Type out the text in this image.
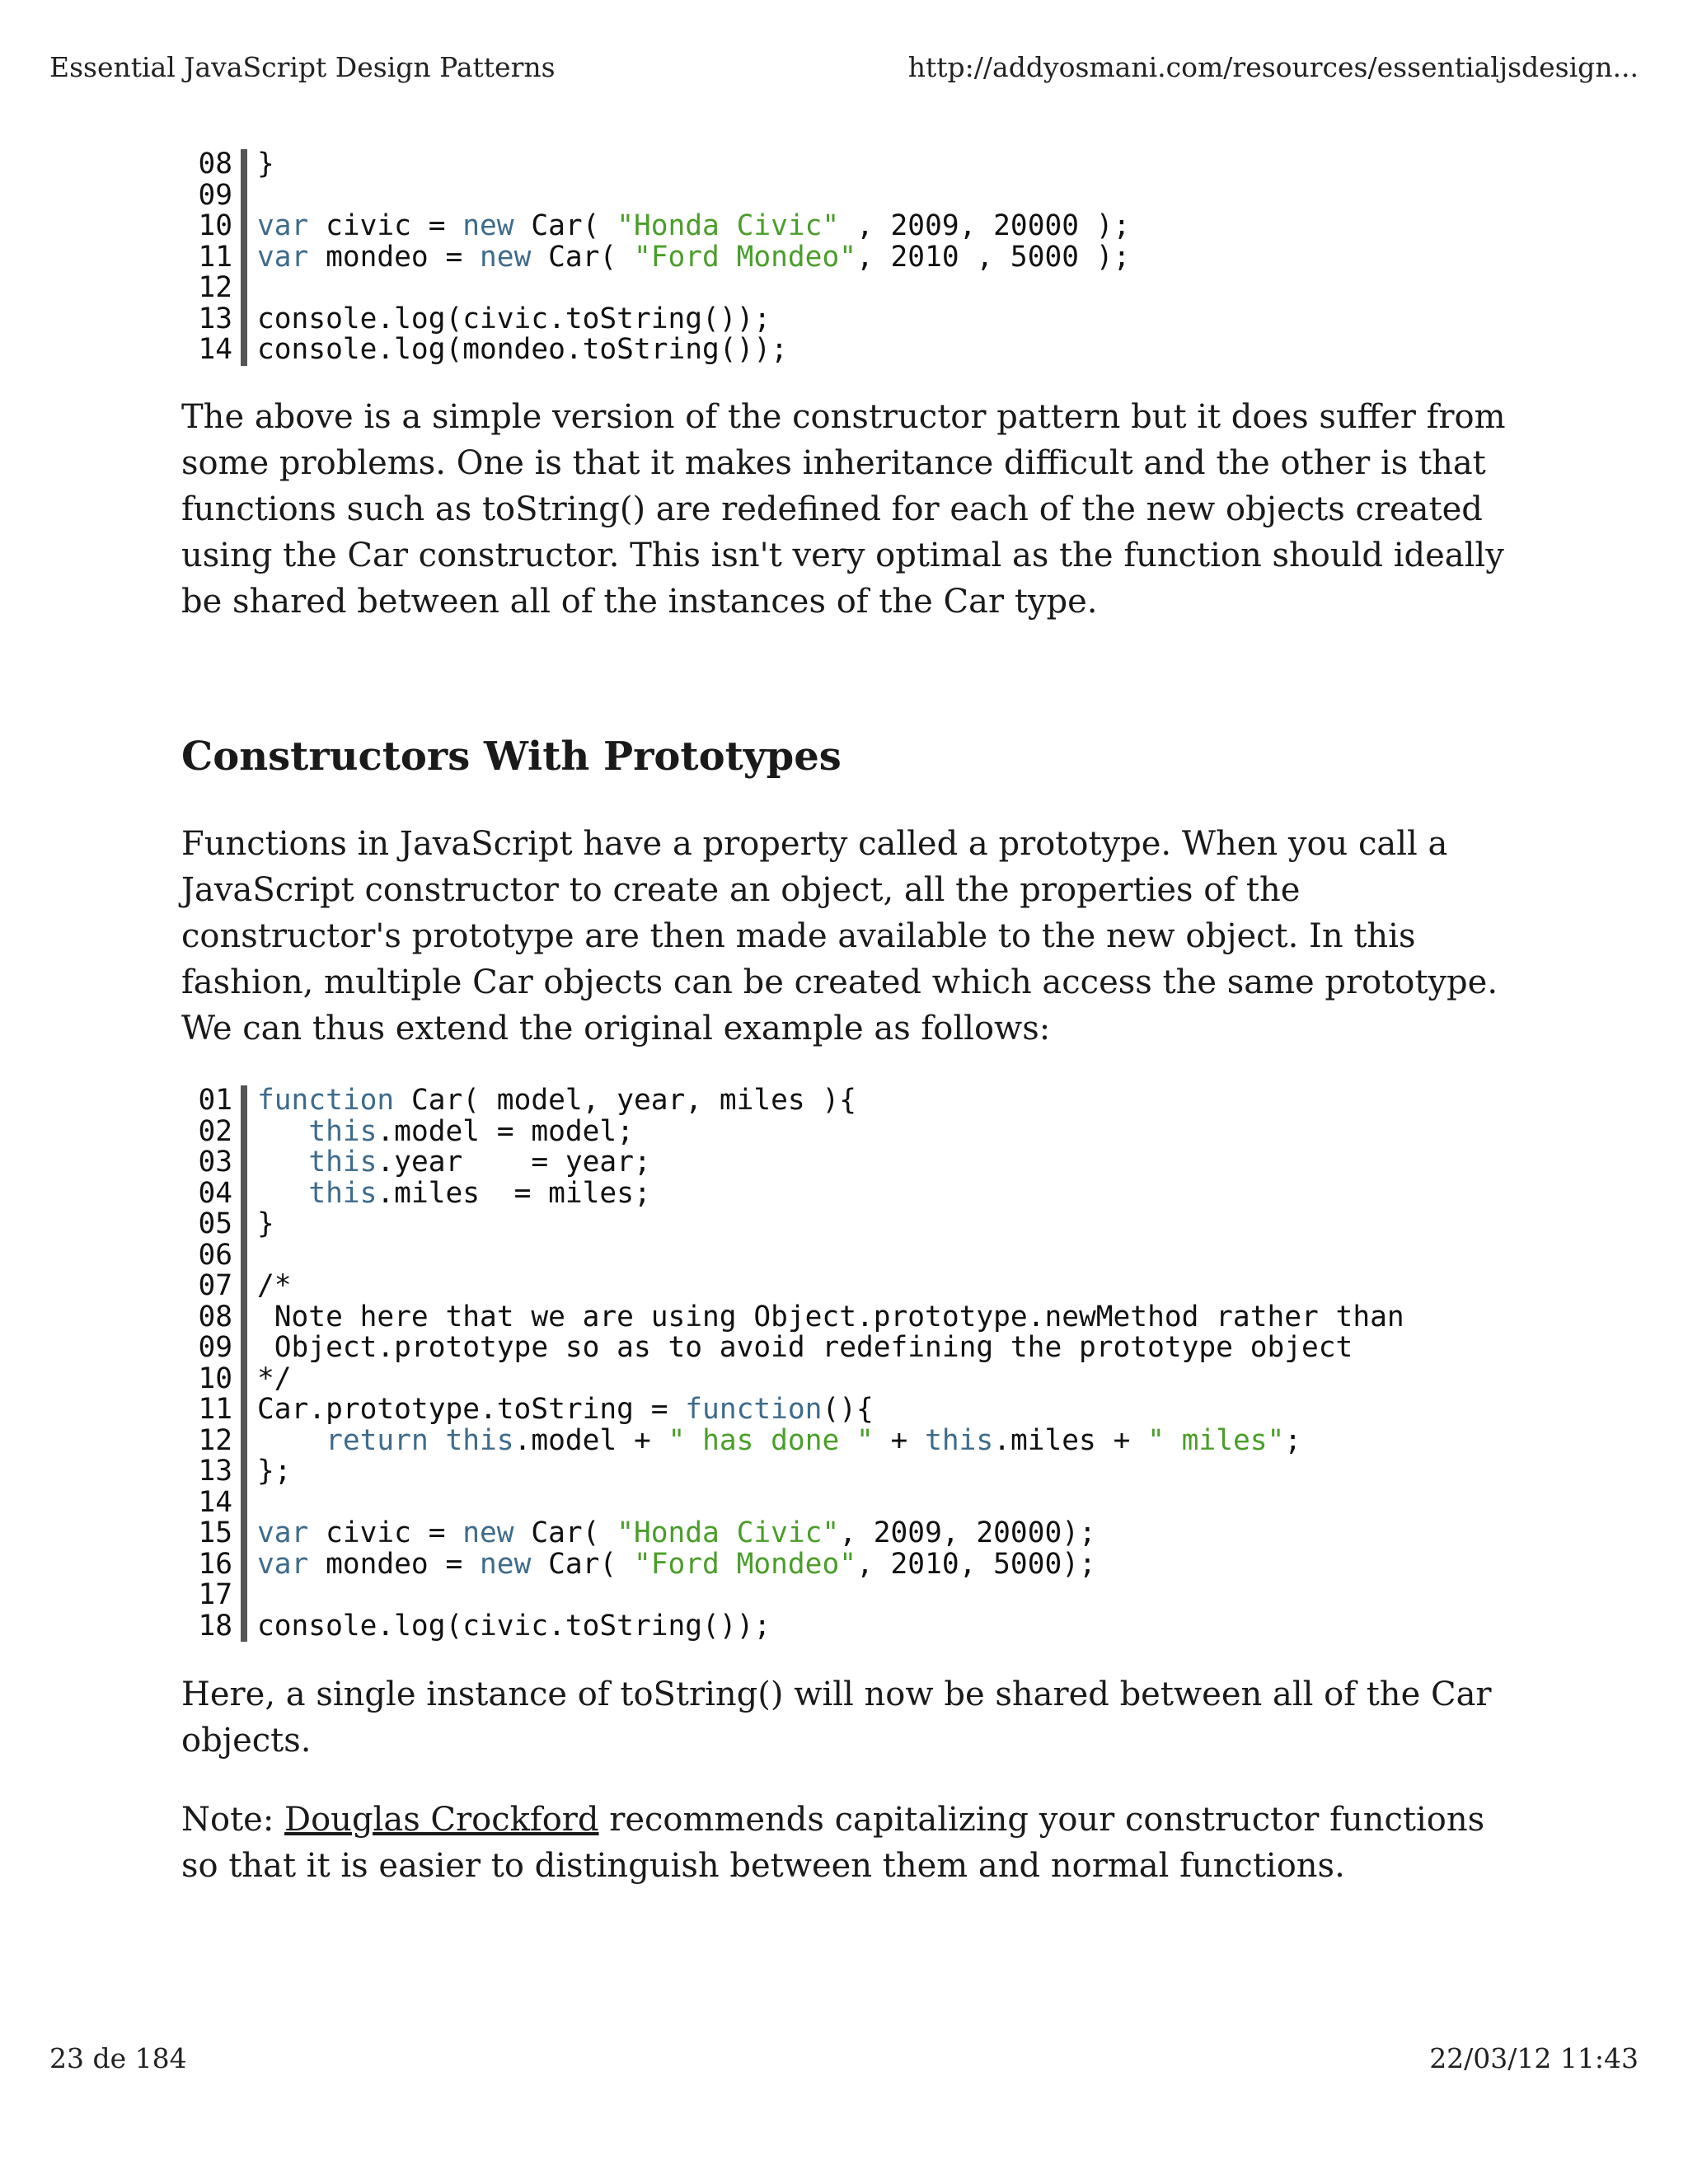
Essential JavaScript Design Patterns	http://addyosmani.com/resources/essentialjsdesign...
08 }
09
10 var civic = new Car( "Honda Civic" , 2009, 20000 );
11 var mondeo = new Car( "Ford Mondeo", 2010 , 5000 );
12
13 console.log(civic.toString());
14 console.log(mondeo.toString());

The above is a simple version of the constructor pattern but it does suffer from some problems. One is that it makes inheritance difficult and the other is that functions such as toString() are redefined for each of the new objects created using the Car constructor. This isn't very optimal as the function should ideally be shared between all of the instances of the Car type.

Constructors With Prototypes

Functions in JavaScript have a property called a prototype. When you call a JavaScript constructor to create an object, all the properties of the constructor's prototype are then made available to the new object. In this fashion, multiple Car objects can be created which access the same prototype. We can thus extend the original example as follows:

01 function Car( model, year, miles ){
02	this.model = model;
03	this.year    = year;
04	this.miles  = miles;
05 }
06
07 /*
08 Note here that we are using Object.prototype.newMethod rather than
09 Object.prototype so as to avoid redefining the prototype object
10 */
11 Car.prototype.toString = function(){
12	return this.model + " has done " + this.miles + " miles";
13 };
14
15 var civic = new Car( "Honda Civic", 2009, 20000);
16 var mondeo = new Car( "Ford Mondeo", 2010, 5000);
17
18 console.log(civic.toString());

Here, a single instance of toString() will now be shared between all of the Car objects.

Note: Douglas Crockford recommends capitalizing your constructor functions so that it is easier to distinguish between them and normal functions.

23 de 184	22/03/12 11:43
